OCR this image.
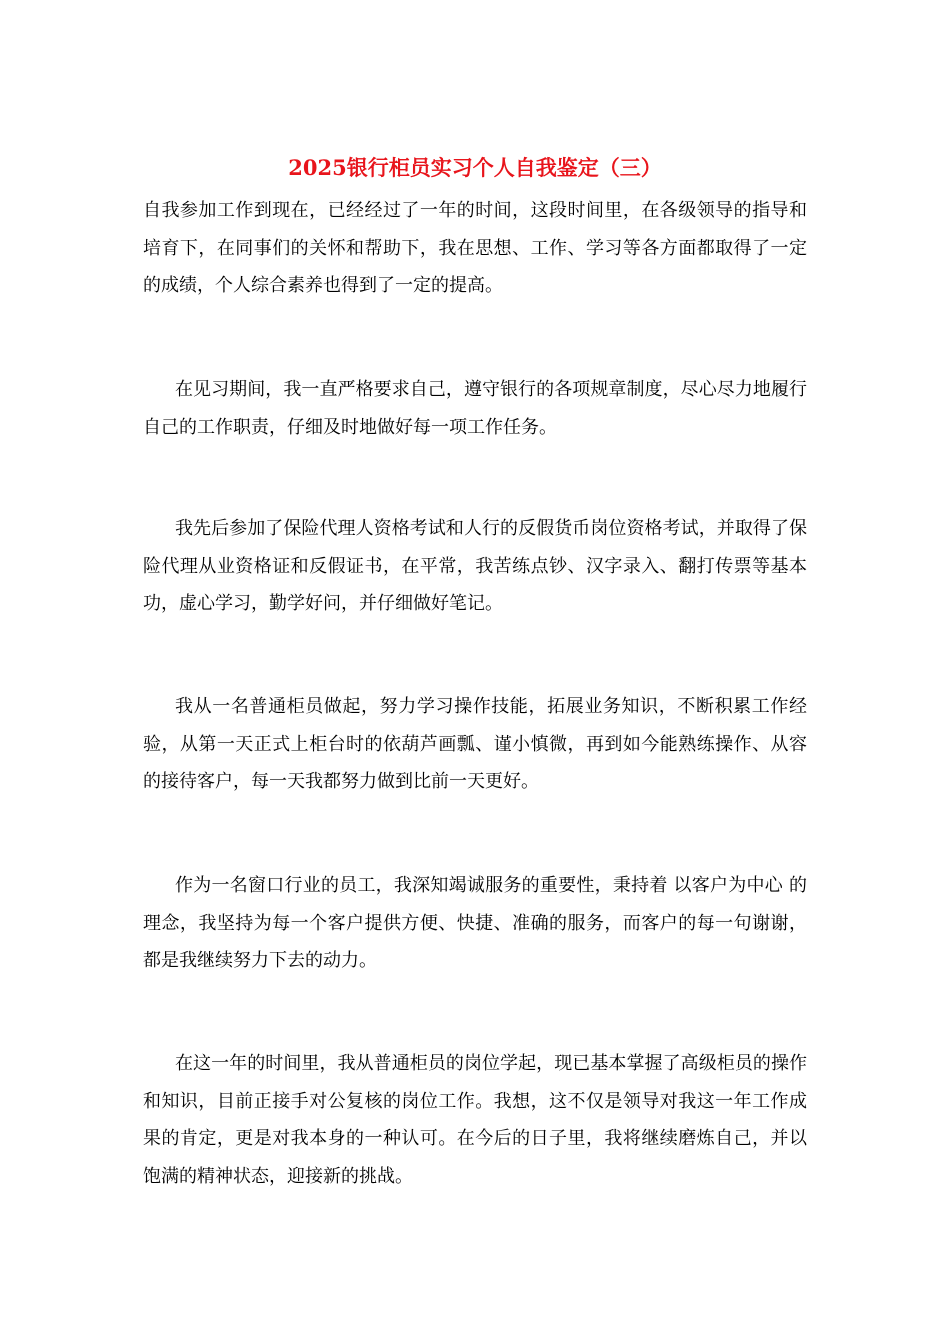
2025银行柜员实习个人自我鉴定（三）

自我参加工作到现在，已经经过了一年的时间，这段时间里，在各级领导的指导和培育下，在同事们的关怀和帮助下，我在思想、工作、学习等各方面都取得了一定的成绩，个人综合素养也得到了一定的提高。

在见习期间，我一直严格要求自己，遵守银行的各项规章制度，尽心尽力地履行自己的工作职责，仔细及时地做好每一项工作任务。

我先后参加了保险代理人资格考试和人行的反假货币岗位资格考试，并取得了保险代理从业资格证和反假证书，在平常，我苦练点钞、汉字录入、翻打传票等基本功，虚心学习，勤学好问，并仔细做好笔记。

我从一名普通柜员做起，努力学习操作技能，拓展业务知识，不断积累工作经验，从第一天正式上柜台时的依葫芦画瓢、谨小慎微，再到如今能熟练操作、从容的接待客户，每一天我都努力做到比前一天更好。

作为一名窗口行业的员工，我深知竭诚服务的重要性，秉持着 以客户为中心 的理念，我坚持为每一个客户提供方便、快捷、准确的服务，而客户的每一句谢谢，都是我继续努力下去的动力。

在这一年的时间里，我从普通柜员的岗位学起，现已基本掌握了高级柜员的操作和知识，目前正接手对公复核的岗位工作。我想，这不仅是领导对我这一年工作成果的肯定，更是对我本身的一种认可。在今后的日子里，我将继续磨炼自己，并以饱满的精神状态，迎接新的挑战。
